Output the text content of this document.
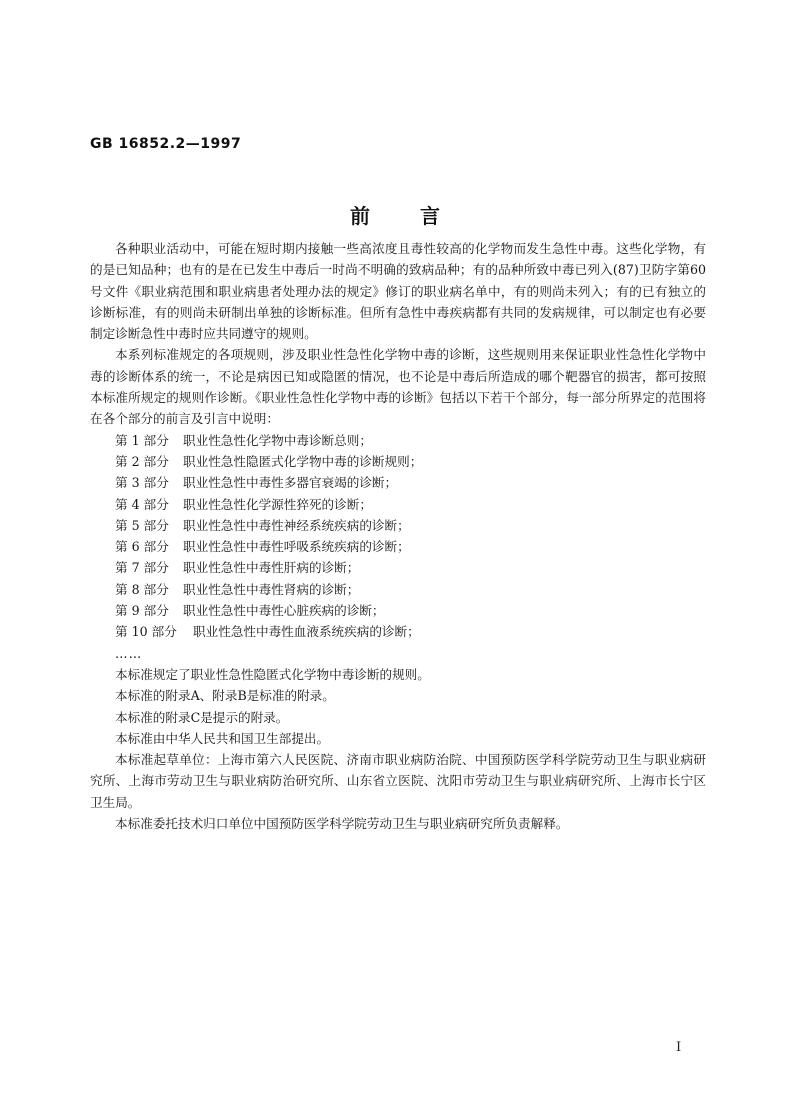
GB 16852.2—1997
前 言

各种职业活动中，可能在短时期内接触一些高浓度且毒性较高的化学物而发生急性中毒。这些化学物，有的是已知品种；也有的是在已发生中毒后一时尚不明确的致病品种；有的品种所致中毒已列入(87)卫防字第60号文件《职业病范围和职业病患者处理办法的规定》修订的职业病名单中，有的则尚未列入；有的已有独立的诊断标准，有的则尚未研制出单独的诊断标准。但所有急性中毒疾病都有共同的发病规律，可以制定也有必要制定诊断急性中毒时应共同遵守的规则。

本系列标准规定的各项规则，涉及职业性急性化学物中毒的诊断，这些规则用来保证职业性急性化学物中毒的诊断体系的统一，不论是病因已知或隐匿的情况，也不论是中毒后所造成的哪个靶器官的损害，都可按照本标准所规定的规则作诊断。《职业性急性化学物中毒的诊断》包括以下若干个部分，每一部分所界定的范围将在各个部分的前言及引言中说明：

第 1 部分 职业性急性化学物中毒诊断总则；
第 2 部分 职业性急性隐匿式化学物中毒的诊断规则；
第 3 部分 职业性急性中毒性多器官衰竭的诊断；
第 4 部分 职业性急性化学源性猝死的诊断；
第 5 部分 职业性急性中毒性神经系统疾病的诊断；
第 6 部分 职业性急性中毒性呼吸系统疾病的诊断；
第 7 部分 职业性急性中毒性肝病的诊断；
第 8 部分 职业性急性中毒性肾病的诊断；
第 9 部分 职业性急性中毒性心脏疾病的诊断；
第 10 部分 职业性急性中毒性血液系统疾病的诊断；
……

本标准规定了职业性急性隐匿式化学物中毒诊断的规则。

本标准的附录A、附录B是标准的附录。

本标准的附录C是提示的附录。

本标准由中华人民共和国卫生部提出。

本标准起草单位：上海市第六人民医院、济南市职业病防治院、中国预防医学科学院劳动卫生与职业病研究所、上海市劳动卫生与职业病防治研究所、山东省立医院、沈阳市劳动卫生与职业病研究所、上海市长宁区卫生局。

本标准委托技术归口单位中国预防医学科学院劳动卫生与职业病研究所负责解释。

I
